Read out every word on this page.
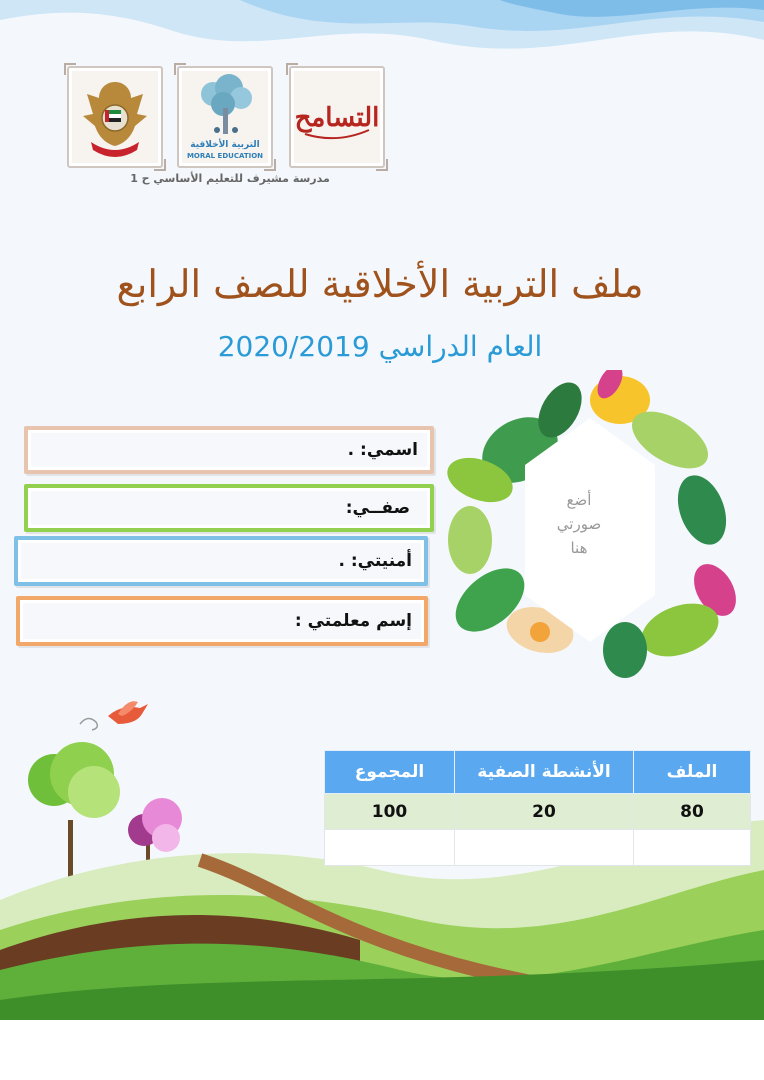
التربية الأخلاقية
MORAL EDUCATION
التسامح
مدرسة مشيرف للتعليم الأساسي ح 1
ملف التربية الأخلاقية للصف الرابع
العام الدراسي 2020/2019
اسمي: .
صفــي:
أمنيتي: .
إسم معلمتي :
أضع
صورتي
هنا
الملف	الأنشطة الصفية	المجموع
80	20	100
